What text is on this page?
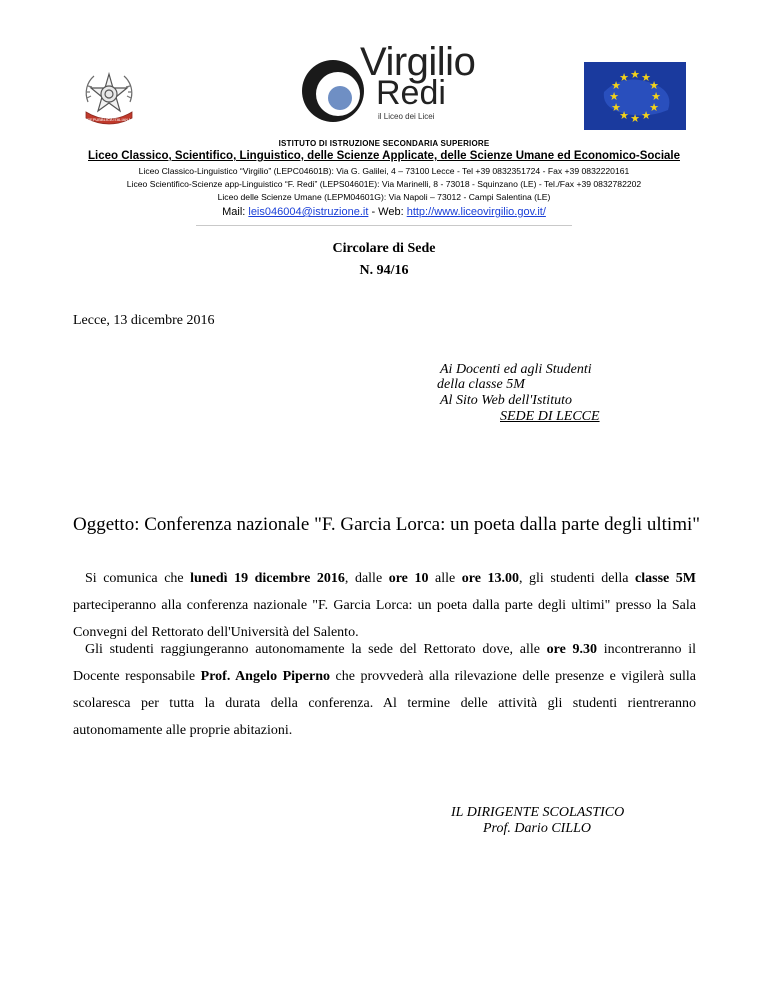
REPUBBLICA ITALIANA
Virgilio
Redi
il Liceo dei Licei
★ ★
★
★
★
★
★
★
★
★
★
★
ISTITUTO DI ISTRUZIONE SECONDARIA SUPERIORE
Liceo Classico, Scientifico, Linguistico, delle Scienze Applicate, delle Scienze Umane ed Economico-Sociale
Liceo Classico-Linguistico “Virgilio” (LEPC04601B): Via G. Galilei, 4 – 73100 Lecce - Tel +39 0832351724 - Fax +39 0832220161
Liceo Scientifico-Scienze app-Linguistico “F. Redi” (LEPS04601E): Via Marinelli, 8 - 73018 - Squinzano (LE) - Tel./Fax +39 0832782202
Liceo delle Scienze Umane (LEPM04601G): Via Napoli – 73012 - Campi Salentina (LE)
Mail: leis046004@istruzione.it - Web: http://www.liceovirgilio.gov.it/
Circolare di Sede
N. 94/16
Lecce, 13 dicembre 2016
Ai Docenti ed agli Studenti
della classe 5M
Al Sito Web dell'Istituto
SEDE DI LECCE
Oggetto: Conferenza nazionale "F. Garcia Lorca: un poeta dalla parte degli ultimi"
Si comunica che lunedì 19 dicembre 2016, dalle ore 10 alle ore 13.00, gli studenti della classe 5M parteciperanno alla conferenza nazionale "F. Garcia Lorca: un poeta dalla parte degli ultimi" presso la Sala Convegni del Rettorato dell'Università del Salento.
Gli studenti raggiungeranno autonomamente la sede del Rettorato dove, alle ore 9.30 incontreranno il Docente responsabile Prof. Angelo Piperno che provvederà alla rilevazione delle presenze e vigilerà sulla scolaresca per tutta la durata della conferenza. Al termine delle attività gli studenti rientreranno autonomamente alle proprie abitazioni.
IL DIRIGENTE SCOLASTICO
Prof. Dario CILLO
